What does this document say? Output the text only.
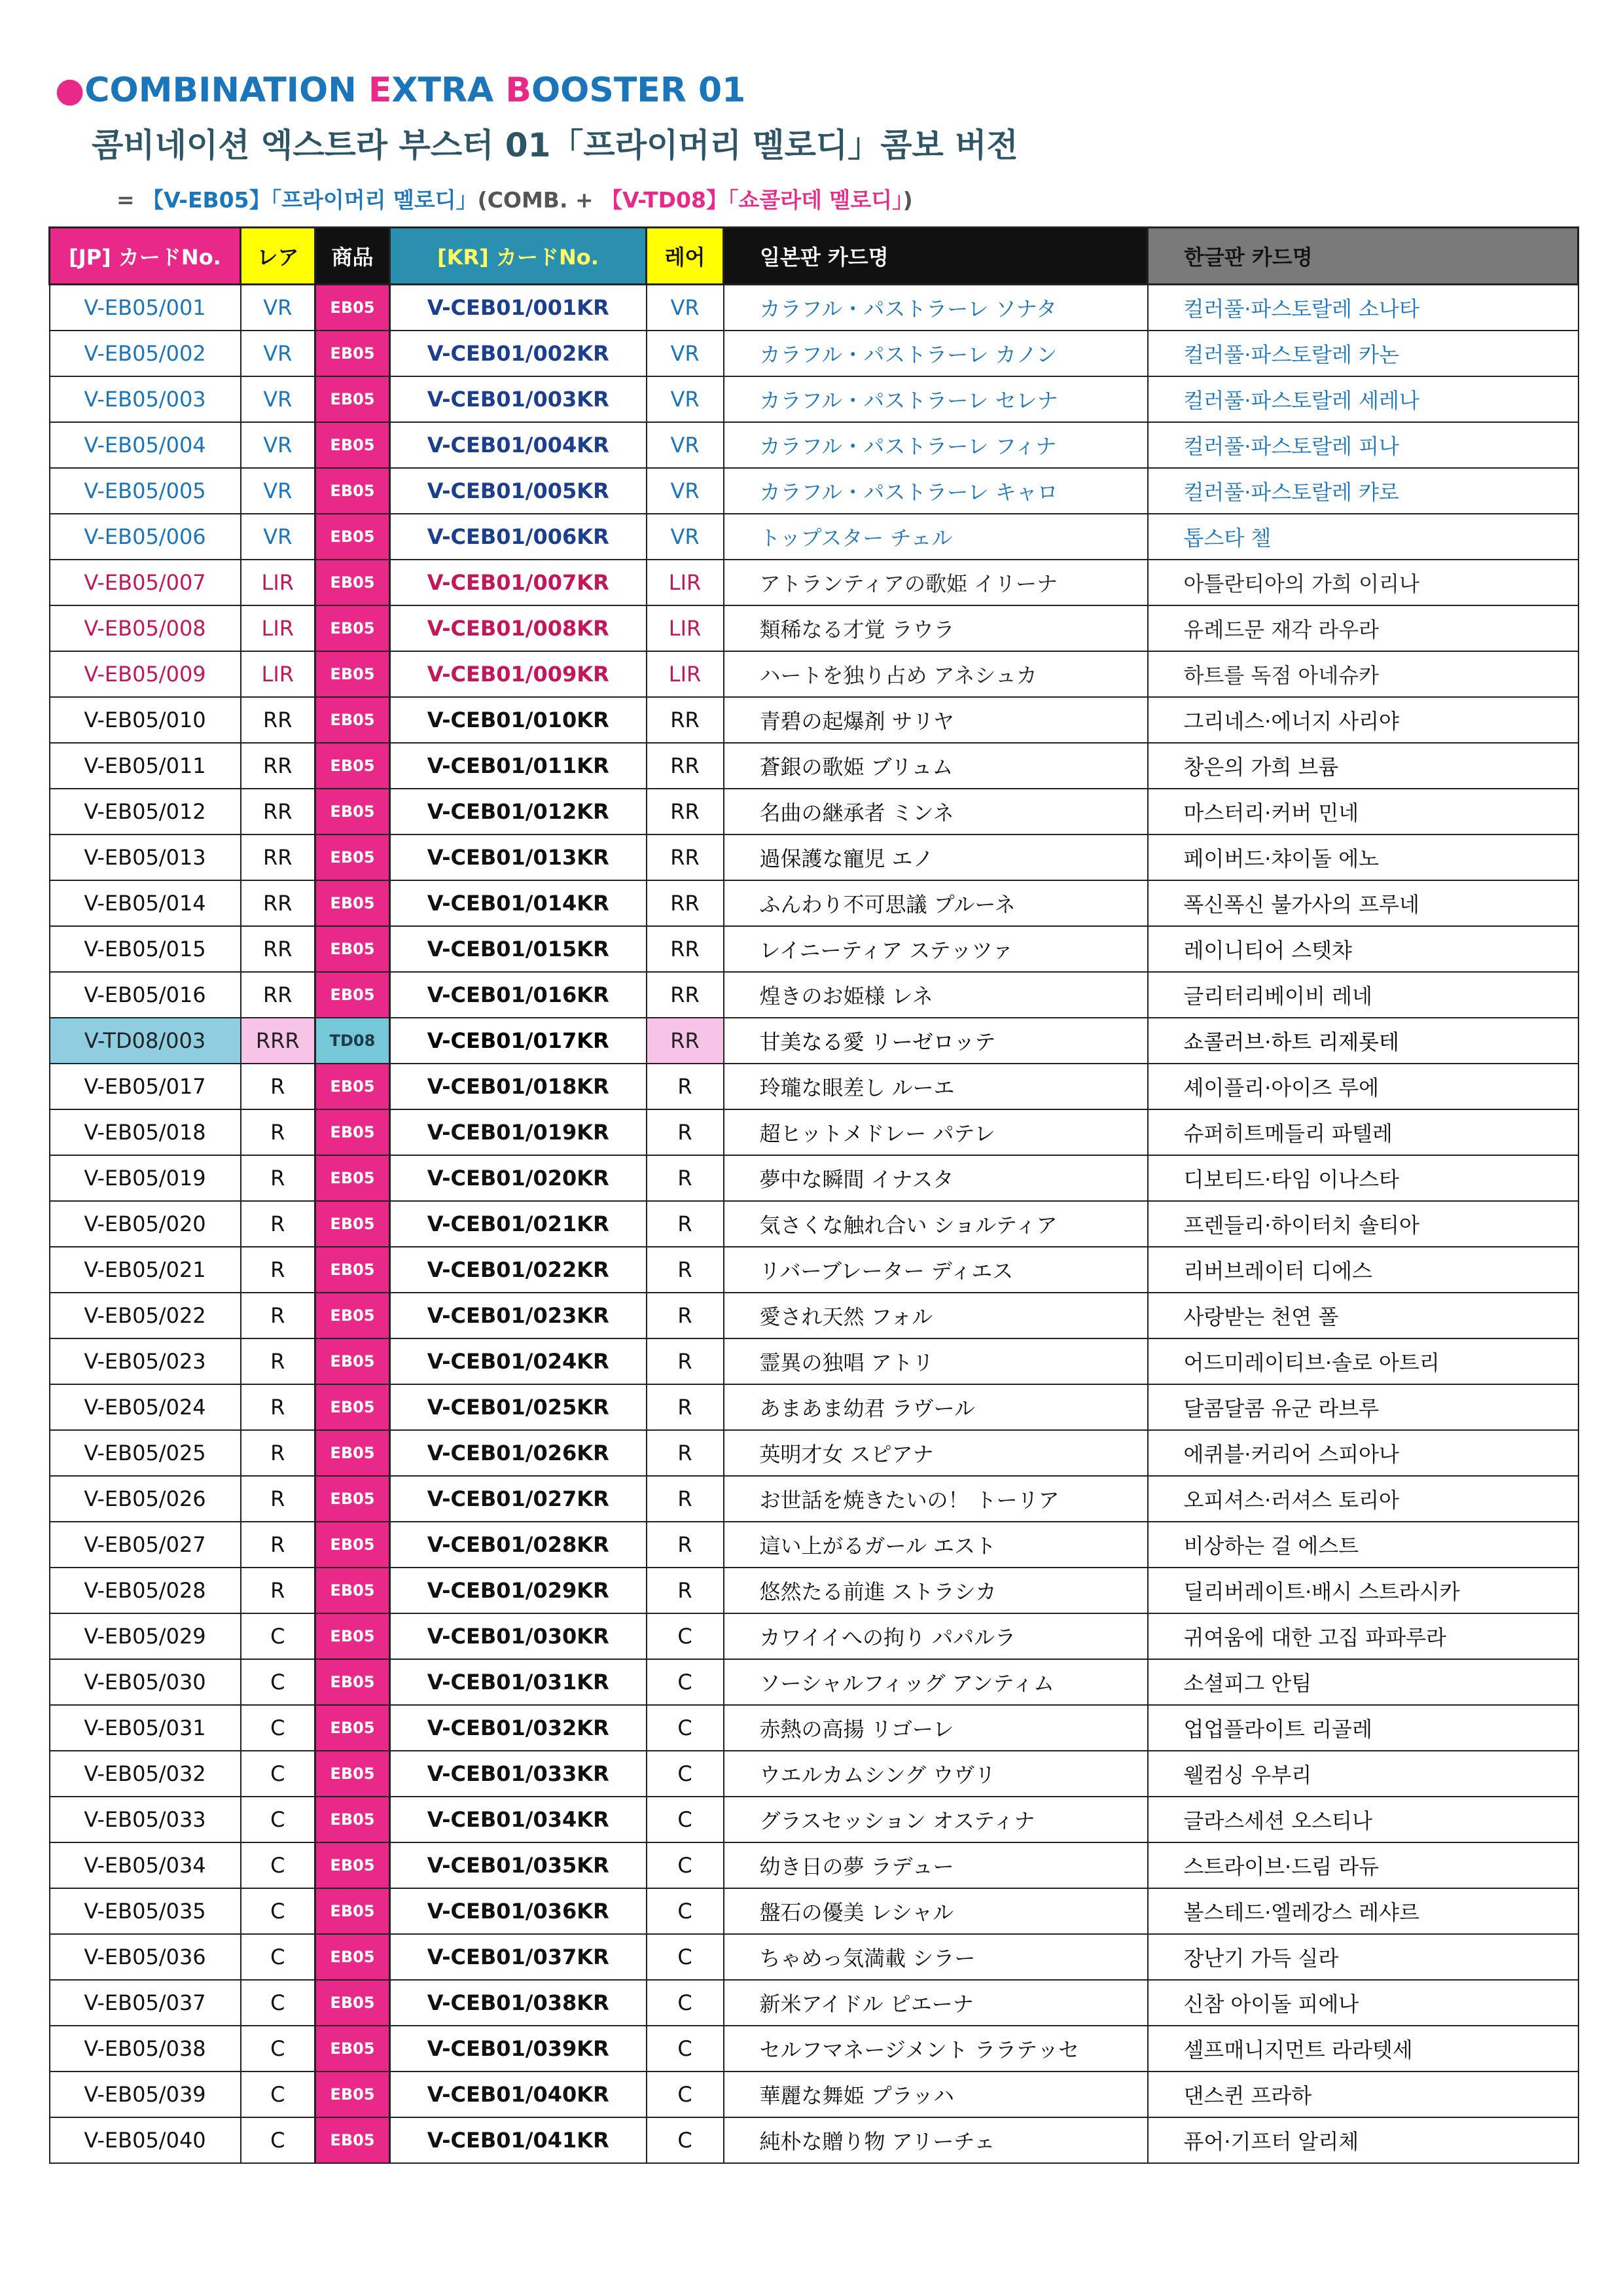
●COMBINATION EXTRA BOOSTER 01
콤비네이션 엑스트라 부스터 01「프라이머리 멜로디」콤보 버전
= 【V-EB05】「프라이머리 멜로디」(COMB. + 【V-TD08】「쇼콜라데 멜로디」)
[JP] カードNo.	レア	商品	[KR] カードNo.	레어	일본판 카드명	한글판 카드명
V-EB05/001	VR	EB05	V-CEB01/001KR	VR	カラフル・パストラーレ ソナタ	컬러풀·파스토랄레 소나타
V-EB05/002	VR	EB05	V-CEB01/002KR	VR	カラフル・パストラーレ カノン	컬러풀·파스토랄레 카논
V-EB05/003	VR	EB05	V-CEB01/003KR	VR	カラフル・パストラーレ セレナ	컬러풀·파스토랄레 세레나
V-EB05/004	VR	EB05	V-CEB01/004KR	VR	カラフル・パストラーレ フィナ	컬러풀·파스토랄레 피나
V-EB05/005	VR	EB05	V-CEB01/005KR	VR	カラフル・パストラーレ キャロ	컬러풀·파스토랄레 캬로
V-EB05/006	VR	EB05	V-CEB01/006KR	VR	トップスター チェル	톱스타 첼
V-EB05/007	LIR	EB05	V-CEB01/007KR	LIR	アトランティアの歌姫 イリーナ	아틀란티아의 가희 이리나
V-EB05/008	LIR	EB05	V-CEB01/008KR	LIR	類稀なる才覚 ラウラ	유례드문 재각 라우라
V-EB05/009	LIR	EB05	V-CEB01/009KR	LIR	ハートを独り占め アネシュカ	하트를 독점 아네슈카
V-EB05/010	RR	EB05	V-CEB01/010KR	RR	青碧の起爆剤 サリヤ	그리네스·에너지 사리야
V-EB05/011	RR	EB05	V-CEB01/011KR	RR	蒼銀の歌姫 ブリュム	창은의 가희 브륨
V-EB05/012	RR	EB05	V-CEB01/012KR	RR	名曲の継承者 ミンネ	마스터리·커버 민네
V-EB05/013	RR	EB05	V-CEB01/013KR	RR	過保護な寵児 エノ	페이버드·챠이돌 에노
V-EB05/014	RR	EB05	V-CEB01/014KR	RR	ふんわり不可思議 プルーネ	폭신폭신 불가사의 프루네
V-EB05/015	RR	EB05	V-CEB01/015KR	RR	レイニーティア ステッツァ	레이니티어 스텟챠
V-EB05/016	RR	EB05	V-CEB01/016KR	RR	煌きのお姫様 レネ	글리터리베이비 레네
V-TD08/003	RRR	TD08	V-CEB01/017KR	RR	甘美なる愛 リーゼロッテ	쇼콜러브·하트 리제롯테
V-EB05/017	R	EB05	V-CEB01/018KR	R	玲瓏な眼差し ルーエ	셰이플리·아이즈 루에
V-EB05/018	R	EB05	V-CEB01/019KR	R	超ヒットメドレー パテレ	슈퍼히트메들리 파텔레
V-EB05/019	R	EB05	V-CEB01/020KR	R	夢中な瞬間 イナスタ	디보티드·타임 이나스타
V-EB05/020	R	EB05	V-CEB01/021KR	R	気さくな触れ合い ショルティア	프렌들리·하이터치 숄티아
V-EB05/021	R	EB05	V-CEB01/022KR	R	リバーブレーター ディエス	리버브레이터 디에스
V-EB05/022	R	EB05	V-CEB01/023KR	R	愛され天然 フォル	사랑받는 천연 폴
V-EB05/023	R	EB05	V-CEB01/024KR	R	霊異の独唱 アトリ	어드미레이티브·솔로 아트리
V-EB05/024	R	EB05	V-CEB01/025KR	R	あまあま幼君 ラヴール	달콤달콤 유군 라브루
V-EB05/025	R	EB05	V-CEB01/026KR	R	英明才女 スピアナ	에퀴블·커리어 스피아나
V-EB05/026	R	EB05	V-CEB01/027KR	R	お世話を焼きたいの！ トーリア	오피셔스·러셔스 토리아
V-EB05/027	R	EB05	V-CEB01/028KR	R	這い上がるガール エスト	비상하는 걸 에스트
V-EB05/028	R	EB05	V-CEB01/029KR	R	悠然たる前進 ストラシカ	딜리버레이트·배시 스트라시카
V-EB05/029	C	EB05	V-CEB01/030KR	C	カワイイへの拘り パパルラ	귀여움에 대한 고집 파파루라
V-EB05/030	C	EB05	V-CEB01/031KR	C	ソーシャルフィッグ アンティム	소셜피그 안팀
V-EB05/031	C	EB05	V-CEB01/032KR	C	赤熱の高揚 リゴーレ	업업플라이트 리골레
V-EB05/032	C	EB05	V-CEB01/033KR	C	ウエルカムシング ウヴリ	웰컴싱 우부리
V-EB05/033	C	EB05	V-CEB01/034KR	C	グラスセッション オスティナ	글라스세션 오스티나
V-EB05/034	C	EB05	V-CEB01/035KR	C	幼き日の夢 ラデュー	스트라이브·드림 라듀
V-EB05/035	C	EB05	V-CEB01/036KR	C	盤石の優美 レシャル	볼스테드·엘레강스 레샤르
V-EB05/036	C	EB05	V-CEB01/037KR	C	ちゃめっ気満載 シラー	장난기 가득 실라
V-EB05/037	C	EB05	V-CEB01/038KR	C	新米アイドル ピエーナ	신참 아이돌 피에나
V-EB05/038	C	EB05	V-CEB01/039KR	C	セルフマネージメント ララテッセ	셀프매니지먼트 라라텟세
V-EB05/039	C	EB05	V-CEB01/040KR	C	華麗な舞姫 プラッハ	댄스퀸 프라하
V-EB05/040	C	EB05	V-CEB01/041KR	C	純朴な贈り物 アリーチェ	퓨어·기프터 알리체
